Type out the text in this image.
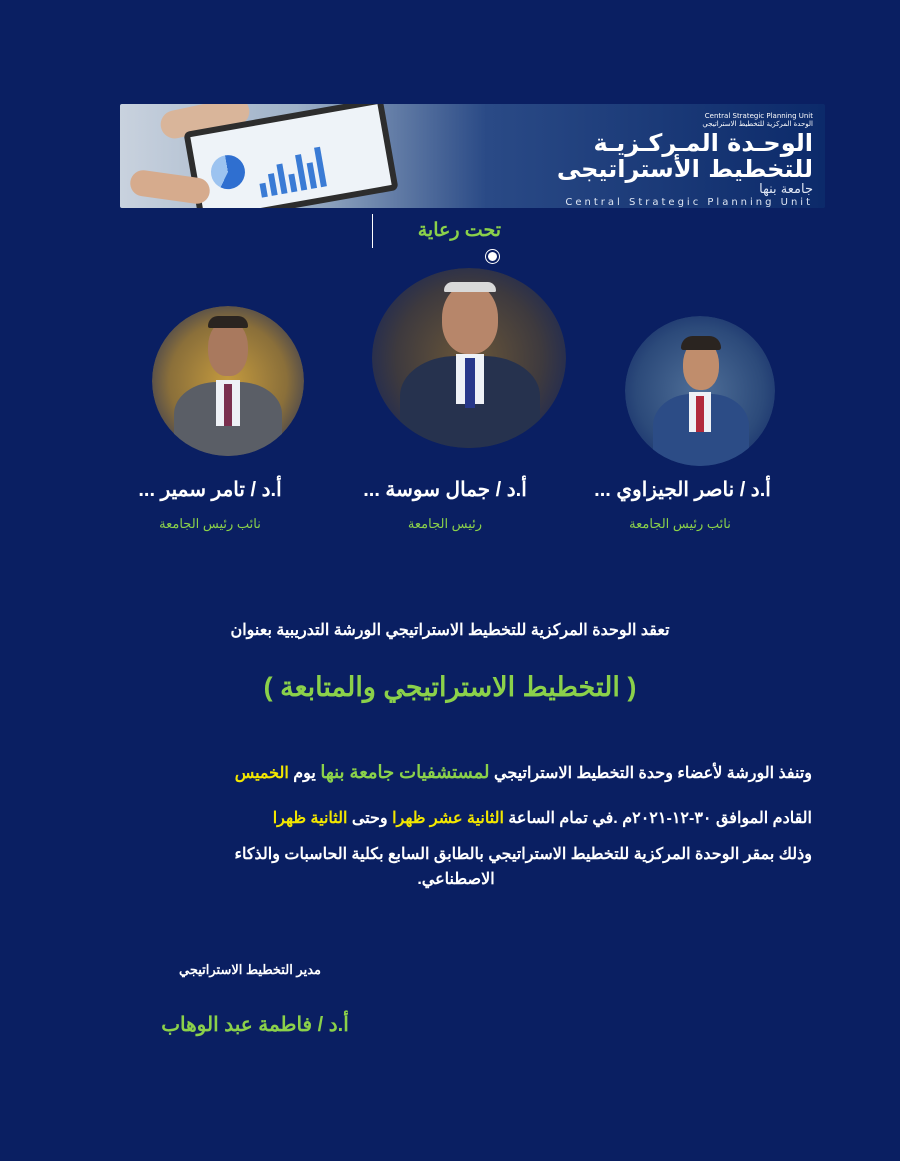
Central Strategic Planning Unit
الوحدة المركزية للتخطيط الاستراتيجي
الوحـدة المـركـزيـة
للتخطيط الأستراتيجى
جامعة بنها
Central Strategic Planning Unit
تحت رعاية
أ.د / ناصر الجيزاوي ...
أ.د / جمال سوسة ...
أ.د / تامر سمير ...
نائب رئيس الجامعة
رئيس الجامعة
نائب رئيس الجامعة
تعقد الوحدة المركزية للتخطيط الاستراتيجي الورشة التدريبية بعنوان
( التخطيط الاستراتيجي والمتابعة )
وتنفذ الورشة لأعضاء وحدة التخطيط الاستراتيجي لمستشفيات جامعة بنها يوم الخميس
القادم الموافق ٣٠-١٢-٢٠٢١م .في تمام الساعة الثانية عشر ظهرا وحتى الثانية ظهرا
وذلك بمقر الوحدة المركزية للتخطيط الاستراتيجي بالطابق السابع بكلية الحاسبات والذكاء
الاصطناعي.
مدير التخطيط الاستراتيجي
أ.د / فاطمة عبد الوهاب
